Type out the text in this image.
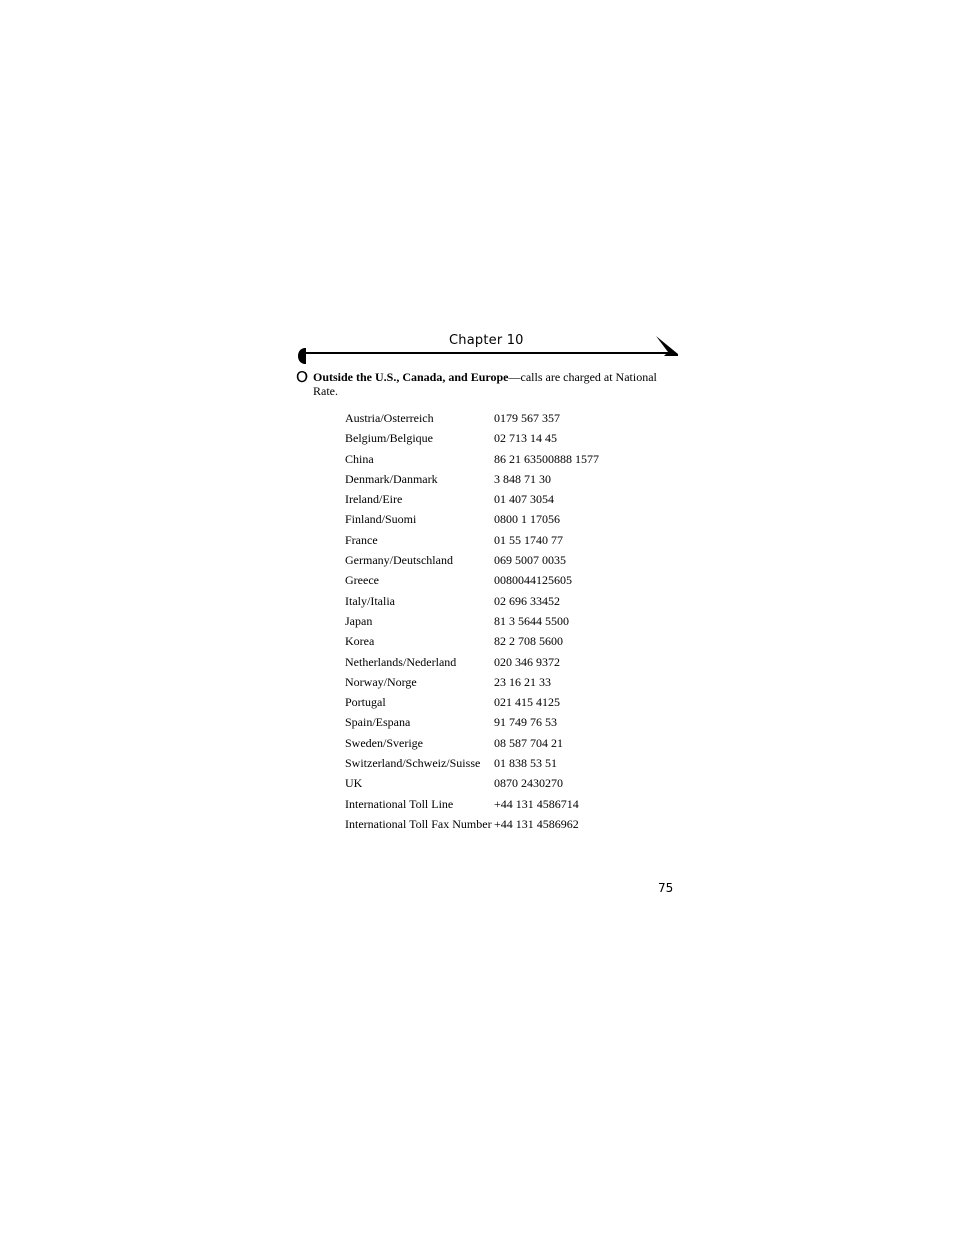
Chapter 10
Outside the U.S., Canada, and Europe—calls are charged at National Rate.
Austria/Osterreich	0179 567 357
Belgium/Belgique	02 713 14 45
China	86 21 63500888 1577
Denmark/Danmark	3 848 71 30
Ireland/Eire	01 407 3054
Finland/Suomi	0800 1 17056
France	01 55 1740 77
Germany/Deutschland	069 5007 0035
Greece	0080044125605
Italy/Italia	02 696 33452
Japan	81 3 5644 5500
Korea	82 2 708 5600
Netherlands/Nederland	020 346 9372
Norway/Norge	23 16 21 33
Portugal	021 415 4125
Spain/Espana	91 749 76 53
Sweden/Sverige	08 587 704 21
Switzerland/Schweiz/Suisse	01 838 53 51
UK	0870 2430270
International Toll Line	+44 131 4586714
International Toll Fax Number +44 131 4586962
75
